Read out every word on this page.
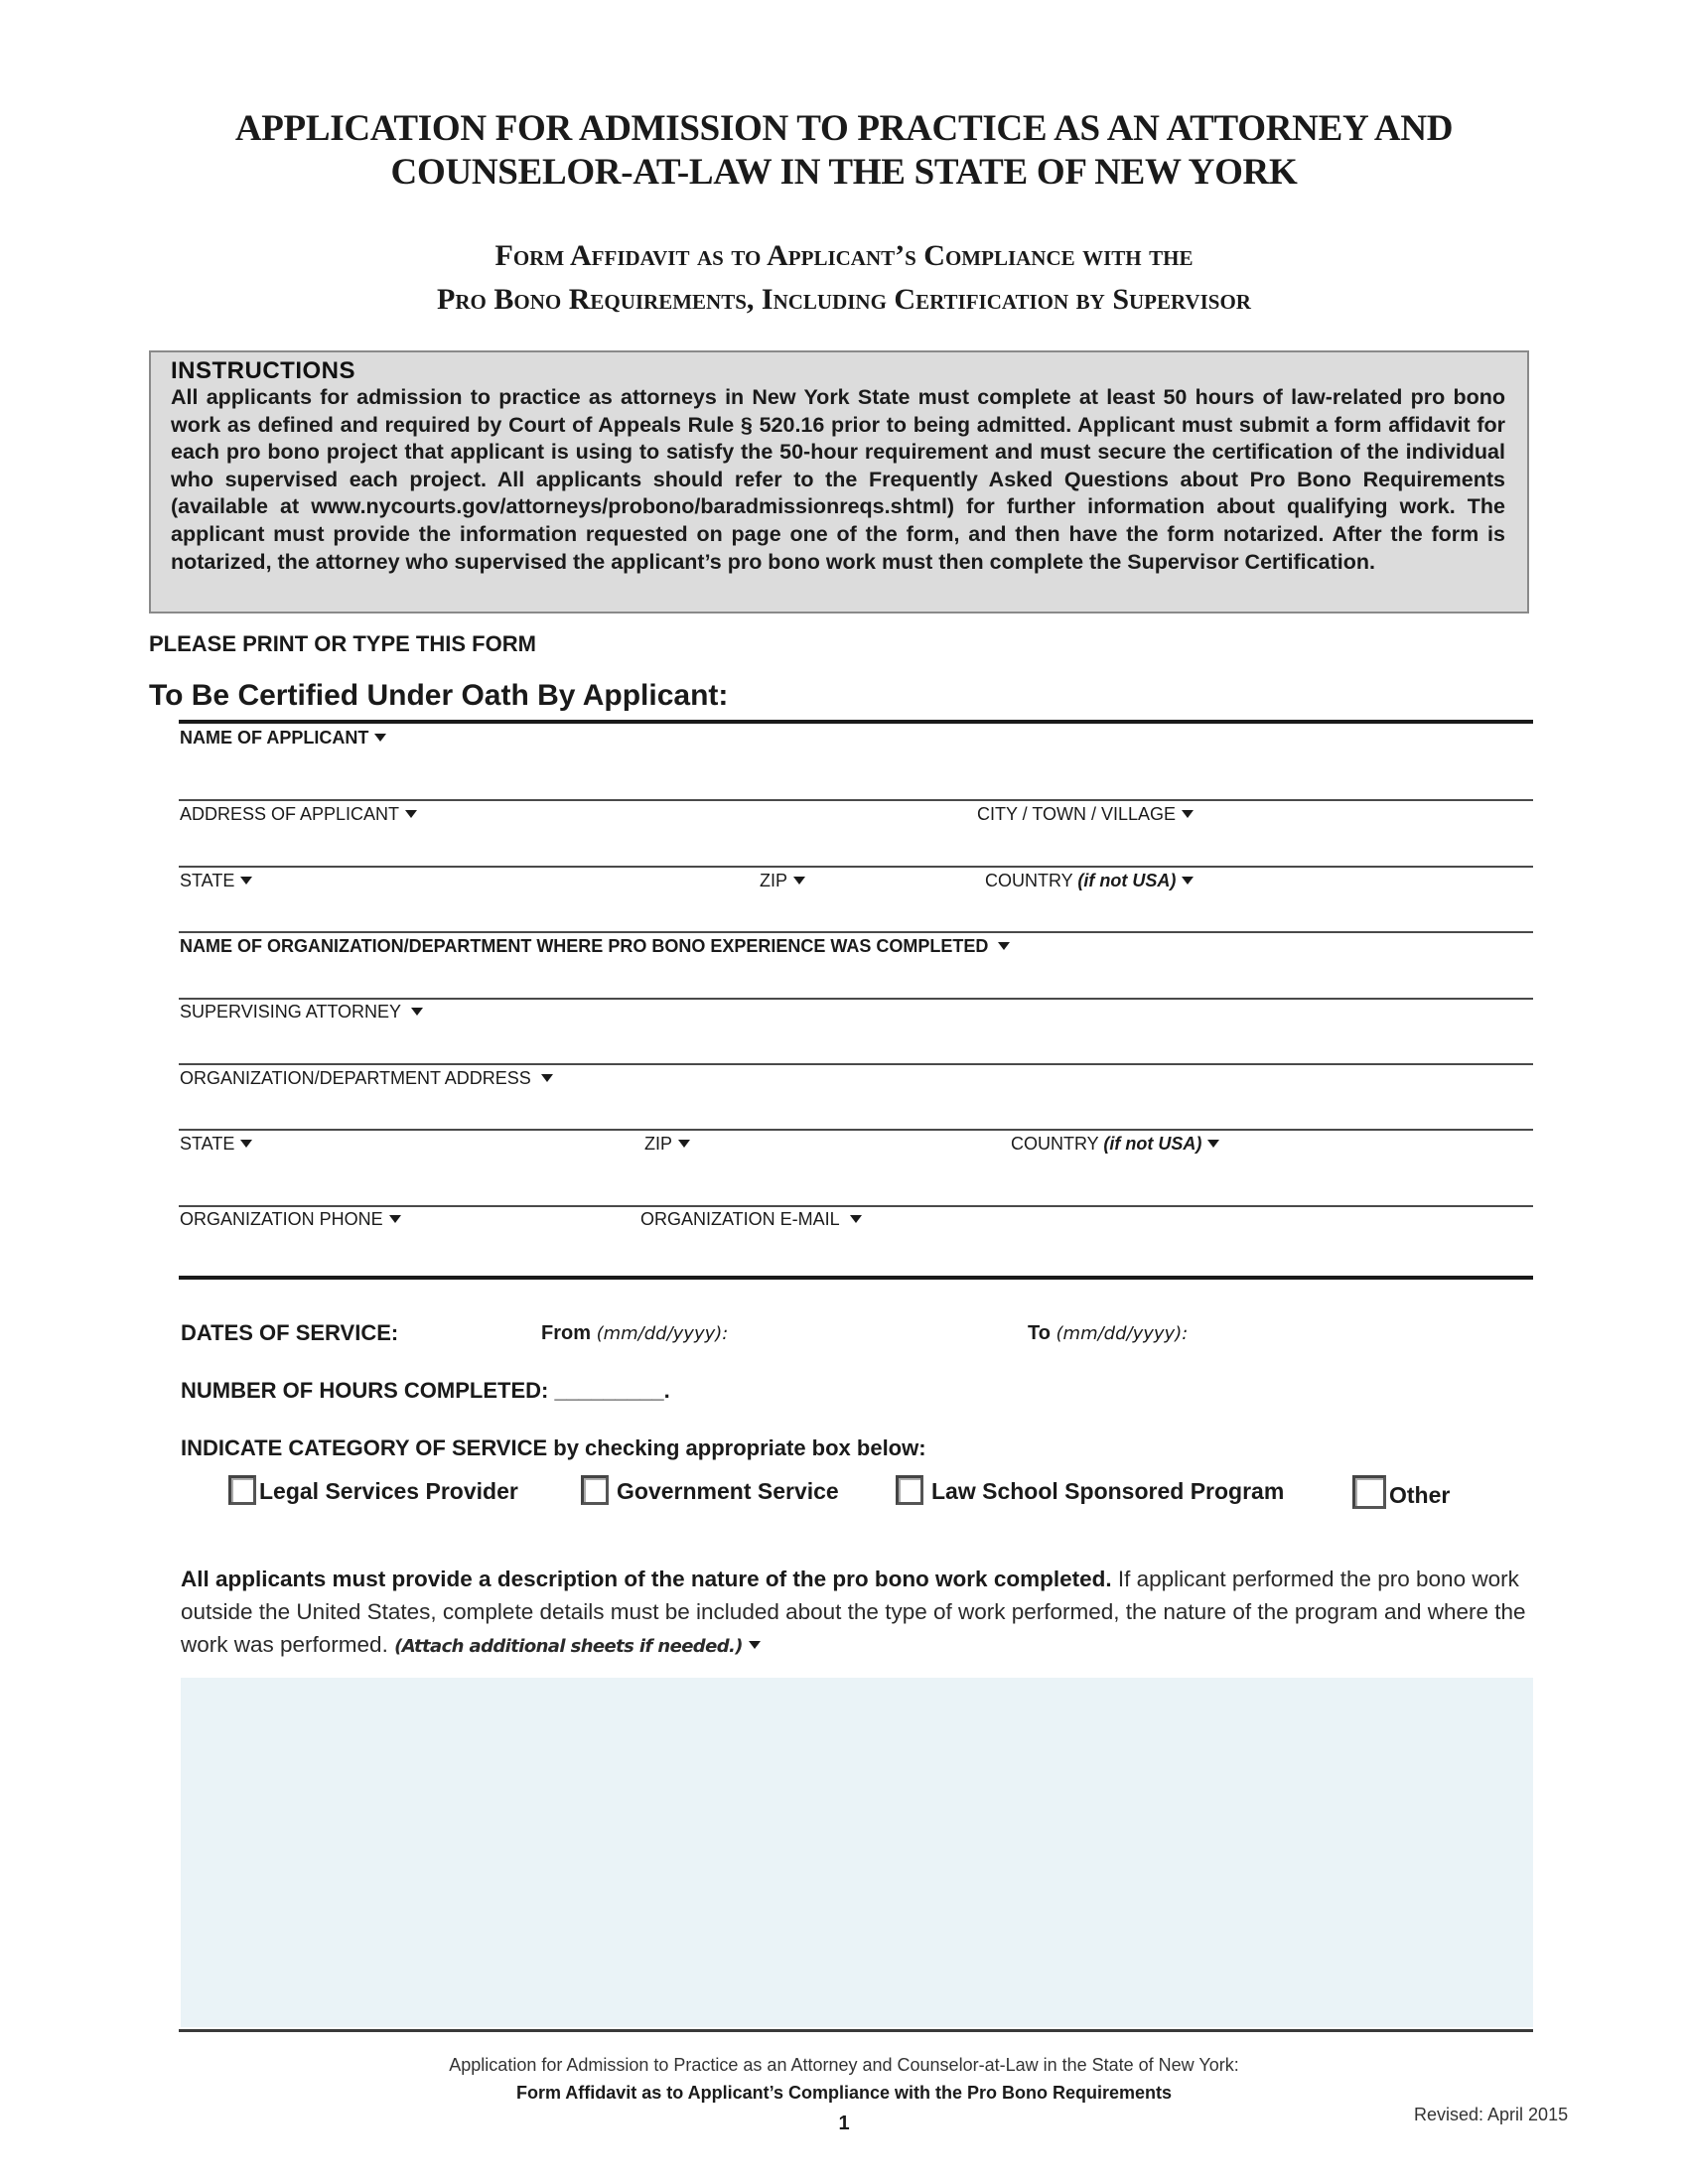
APPLICATION FOR ADMISSION TO PRACTICE AS AN ATTORNEY AND
COUNSELOR-AT-LAW IN THE STATE OF NEW YORK
Form Affidavit as to Applicant’s Compliance with the
Pro Bono Requirements, Including Certification by Supervisor
INSTRUCTIONS
All applicants for admission to practice as attorneys in New York State must complete at least 50 hours of law-related pro bono work as defined and required by Court of Appeals Rule § 520.16 prior to being admitted. Applicant must submit a form affidavit for each pro bono project that applicant is using to satisfy the 50-hour requirement and must secure the certification of the individual who supervised each project. All applicants should refer to the Frequently Asked Questions about Pro Bono Requirements (available at www.nycourts.gov/attorneys/probono/baradmissionreqs.shtml) for further information about qualifying work. The applicant must provide the information requested on page one of the form, and then have the form notarized. After the form is notarized, the attorney who supervised the applicant’s pro bono work must then complete the Supervisor Certification.
PLEASE PRINT OR TYPE THIS FORM
To Be Certified Under Oath By Applicant:
NAME OF APPLICANT
ADDRESS OF APPLICANT	CITY / TOWN / VILLAGE
STATE	ZIP	COUNTRY (if not USA)
NAME OF ORGANIZATION/DEPARTMENT WHERE PRO BONO EXPERIENCE WAS COMPLETED
SUPERVISING ATTORNEY
ORGANIZATION/DEPARTMENT ADDRESS
STATE	ZIP	COUNTRY (if not USA)
ORGANIZATION PHONE	ORGANIZATION E-MAIL
DATES OF SERVICE:	From (mm/dd/yyyy):	To (mm/dd/yyyy):
NUMBER OF HOURS COMPLETED: _________.
INDICATE CATEGORY OF SERVICE by checking appropriate box below:
Legal Services Provider	Government Service	Law School Sponsored Program	Other
All applicants must provide a description of the nature of the pro bono work completed. If applicant performed the pro bono work outside the United States, complete details must be included about the type of work performed, the nature of the program and where the work was performed. (Attach additional sheets if needed.)
Application for Admission to Practice as an Attorney and Counselor-at-Law in the State of New York:
Form Affidavit as to Applicant’s Compliance with the Pro Bono Requirements
1	Revised: April 2015
